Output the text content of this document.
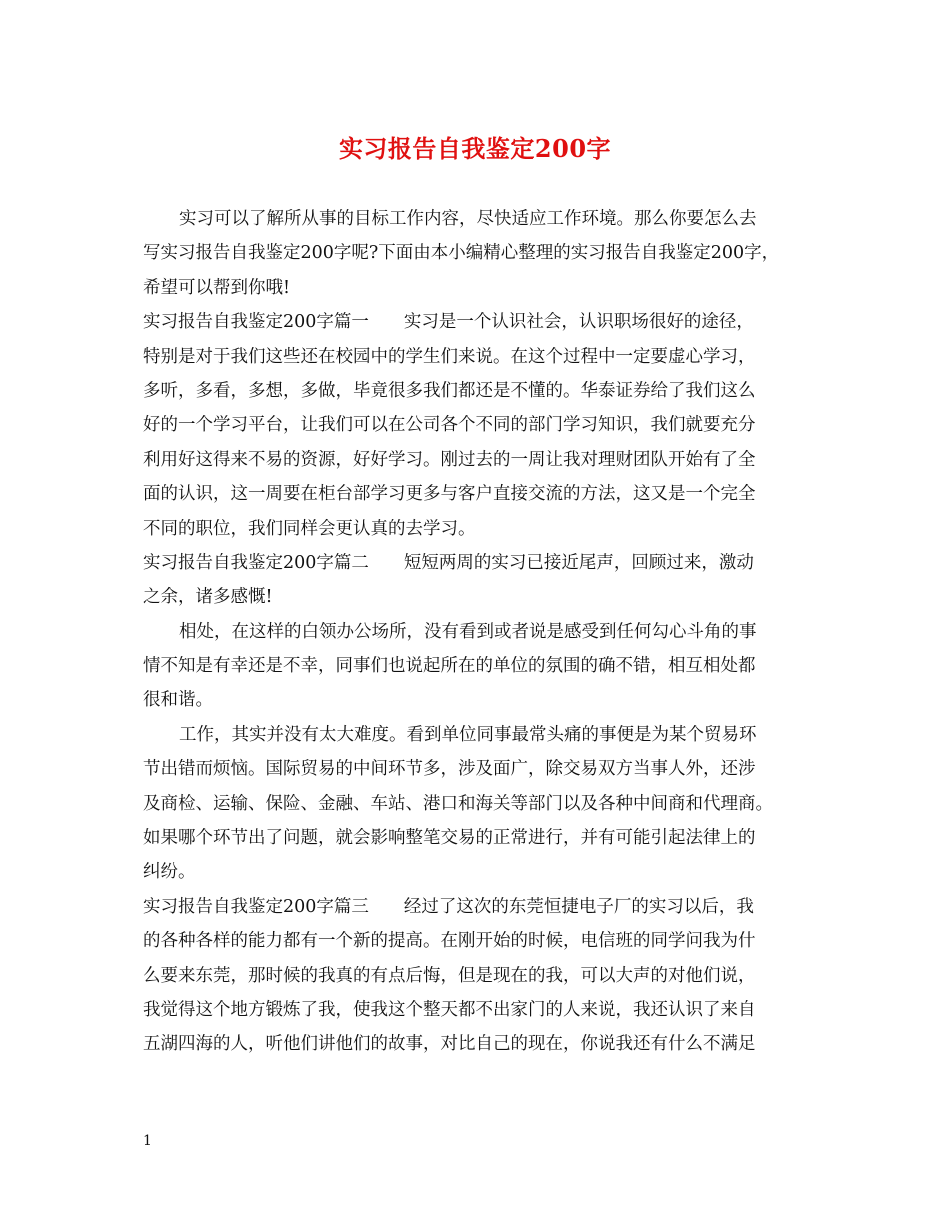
实习报告自我鉴定200字
实习可以了解所从事的目标工作内容，尽快适应工作环境。那么你要怎么去
写实习报告自我鉴定200字呢?下面由本小编精心整理的实习报告自我鉴定200字，
希望可以帮到你哦!
实习报告自我鉴定200字篇一　　实习是一个认识社会，认识职场很好的途径，
特别是对于我们这些还在校园中的学生们来说。在这个过程中一定要虚心学习，
多听，多看，多想，多做，毕竟很多我们都还是不懂的。华泰证券给了我们这么
好的一个学习平台，让我们可以在公司各个不同的部门学习知识，我们就要充分
利用好这得来不易的资源，好好学习。刚过去的一周让我对理财团队开始有了全
面的认识，这一周要在柜台部学习更多与客户直接交流的方法，这又是一个完全
不同的职位，我们同样会更认真的去学习。
实习报告自我鉴定200字篇二　　短短两周的实习已接近尾声，回顾过来，激动
之余，诸多感慨!
相处，在这样的白领办公场所，没有看到或者说是感受到任何勾心斗角的事
情不知是有幸还是不幸，同事们也说起所在的单位的氛围的确不错，相互相处都
很和谐。
工作，其实并没有太大难度。看到单位同事最常头痛的事便是为某个贸易环
节出错而烦恼。国际贸易的中间环节多，涉及面广，除交易双方当事人外，还涉
及商检、运输、保险、金融、车站、港口和海关等部门以及各种中间商和代理商。
如果哪个环节出了问题，就会影响整笔交易的正常进行，并有可能引起法律上的
纠纷。
实习报告自我鉴定200字篇三　　经过了这次的东莞恒捷电子厂的实习以后，我
的各种各样的能力都有一个新的提高。在刚开始的时候，电信班的同学问我为什
么要来东莞，那时候的我真的有点后悔，但是现在的我，可以大声的对他们说，
我觉得这个地方锻炼了我，使我这个整天都不出家门的人来说，我还认识了来自
五湖四海的人，听他们讲他们的故事，对比自己的现在，你说我还有什么不满足
1
